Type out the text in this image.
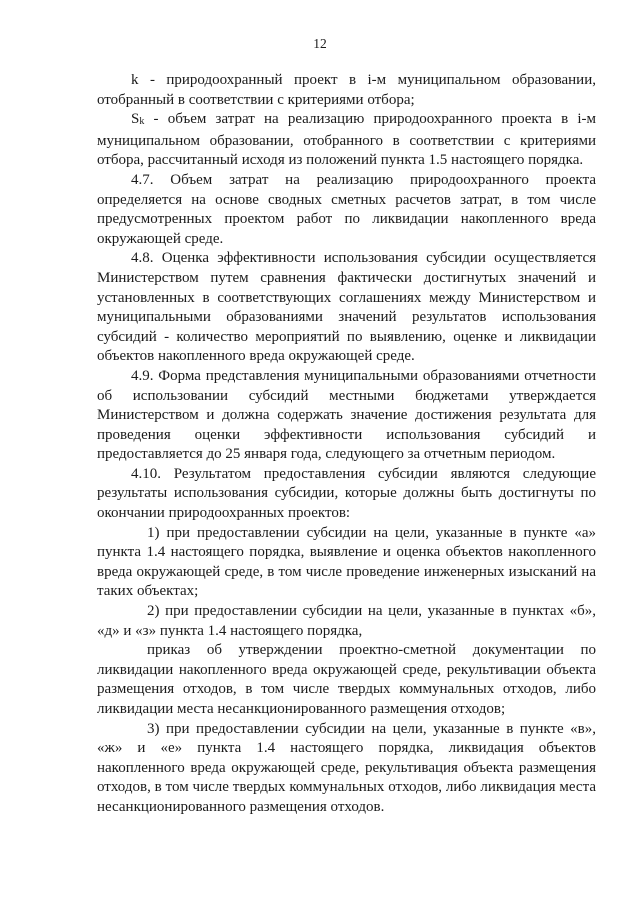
12

k - природоохранный проект в i-м муниципальном образовании, отобранный в соответствии с критериями отбора;

Sk - объем затрат на реализацию природоохранного проекта в i-м муниципальном образовании, отобранного в соответствии с критериями отбора, рассчитанный исходя из положений пункта 1.5 настоящего порядка.

4.7. Объем затрат на реализацию природоохранного проекта определяется на основе сводных сметных расчетов затрат, в том числе предусмотренных проектом работ по ликвидации накопленного вреда окружающей среде.

4.8. Оценка эффективности использования субсидии осуществляется Министерством путем сравнения фактически достигнутых значений и установленных в соответствующих соглашениях между Министерством и муниципальными образованиями значений результатов использования субсидий - количество мероприятий по выявлению, оценке и ликвидации объектов накопленного вреда окружающей среде.

4.9. Форма представления муниципальными образованиями отчетности об использовании субсидий местными бюджетами утверждается Министерством и должна содержать значение достижения результата для проведения оценки эффективности использования субсидий и предоставляется до 25 января года, следующего за отчетным периодом.

4.10. Результатом предоставления субсидии являются следующие результаты использования субсидии, которые должны быть достигнуты по окончании природоохранных проектов:

1) при предоставлении субсидии на цели, указанные в пункте «а» пункта 1.4 настоящего порядка, выявление и оценка объектов накопленного вреда окружающей среде, в том числе проведение инженерных изысканий на таких объектах;

2) при предоставлении субсидии на цели, указанные в пунктах «б», «д» и «з» пункта 1.4 настоящего порядка,

приказ об утверждении проектно-сметной документации по ликвидации накопленного вреда окружающей среде, рекультивации объекта размещения отходов, в том числе твердых коммунальных отходов, либо ликвидации места несанкционированного размещения отходов;

3) при предоставлении субсидии на цели, указанные в пункте «в», «ж» и «е» пункта 1.4 настоящего порядка, ликвидация объектов накопленного вреда окружающей среде, рекультивация объекта размещения отходов, в том числе твердых коммунальных отходов, либо ликвидация места несанкционированного размещения отходов.
